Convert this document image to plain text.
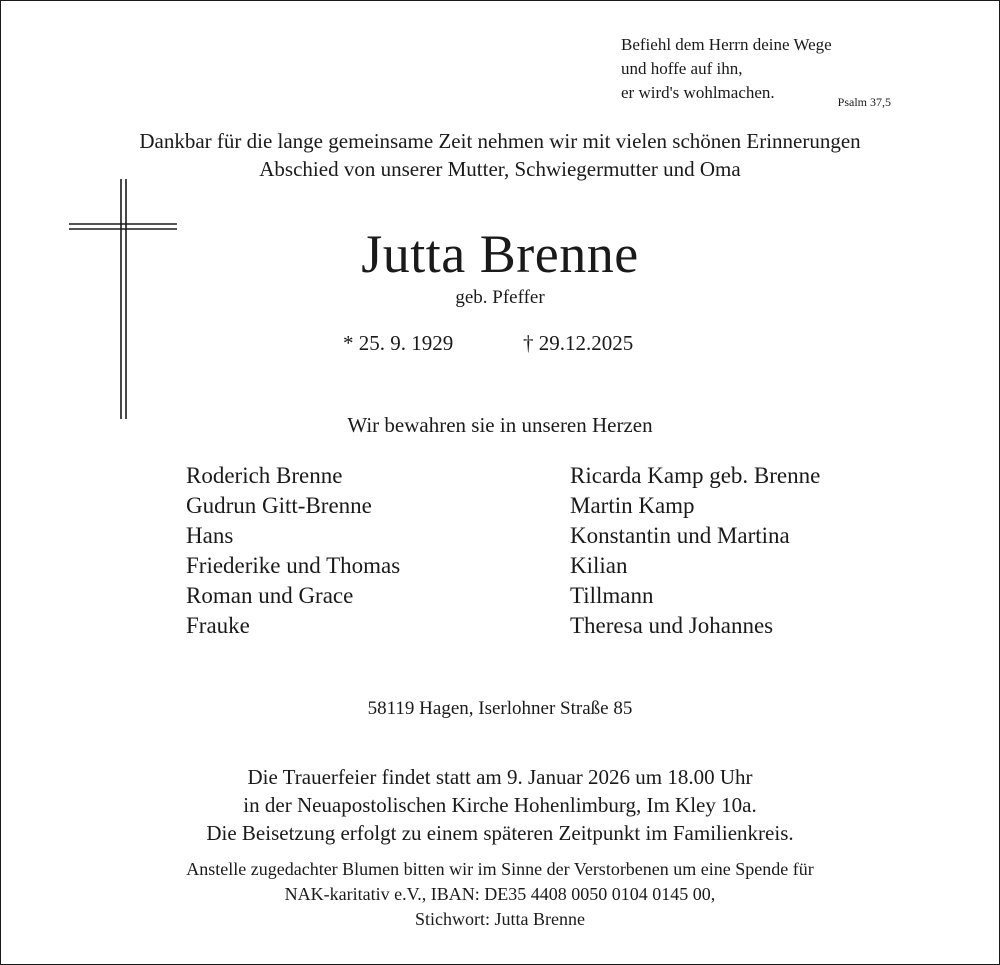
Befiehl dem Herrn deine Wege
und hoffe auf ihn,
er wird's wohlmachen.	Psalm 37,5
Dankbar für die lange gemeinsame Zeit nehmen wir mit vielen schönen Erinnerungen
Abschied von unserer Mutter, Schwiegermutter und Oma
Jutta Brenne
geb. Pfeffer
* 25. 9. 1929	† 29.12.2025
Wir bewahren sie in unseren Herzen
Roderich Brenne
Gudrun Gitt-Brenne
Hans
Friederike und Thomas
Roman und Grace
Frauke
Ricarda Kamp geb. Brenne
Martin Kamp
Konstantin und Martina
Kilian
Tillmann
Theresa und Johannes
58119 Hagen, Iserlohner Straße 85
Die Trauerfeier findet statt am 9. Januar 2026 um 18.00 Uhr
in der Neuapostolischen Kirche Hohenlimburg, Im Kley 10a.
Die Beisetzung erfolgt zu einem späteren Zeitpunkt im Familienkreis.
Anstelle zugedachter Blumen bitten wir im Sinne der Verstorbenen um eine Spende für
NAK-karitativ e.V., IBAN: DE35 4408 0050 0104 0145 00,
Stichwort: Jutta Brenne
